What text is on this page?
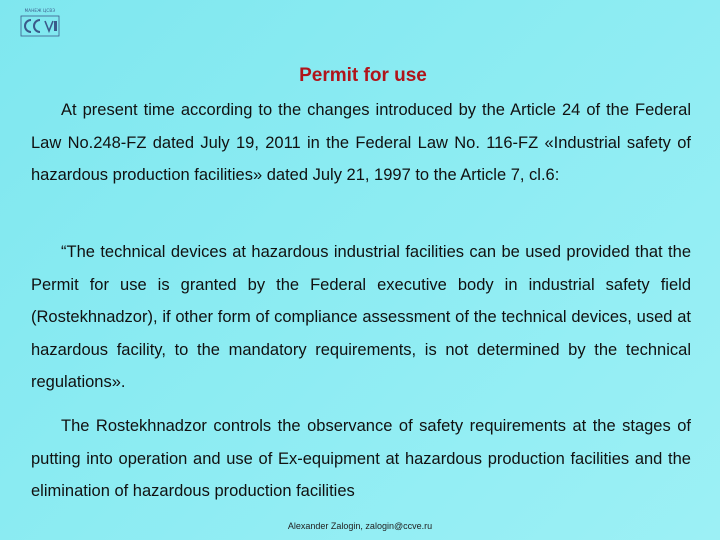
МАНЕЖ ЦСВЭ
Permit for use

At present time according to the changes introduced by the Article 24 of the Federal Law No.248-FZ dated July 19, 2011 in the Federal Law No. 116-FZ «Industrial safety of hazardous production facilities» dated July 21, 1997 to the Article 7, cl.6:

“The technical devices at hazardous industrial facilities can be used provided that the Permit for use is granted by the Federal executive body in industrial safety field (Rostekhnadzor), if other form of compliance assessment of the technical devices, used at hazardous facility, to the mandatory requirements, is not determined by the technical regulations».

The Rostekhnadzor controls the observance of safety requirements at the stages of putting into operation and use of Ex-equipment at hazardous production facilities and the elimination of hazardous production facilities

Alexander Zalogin, zalogin@ccve.ru
